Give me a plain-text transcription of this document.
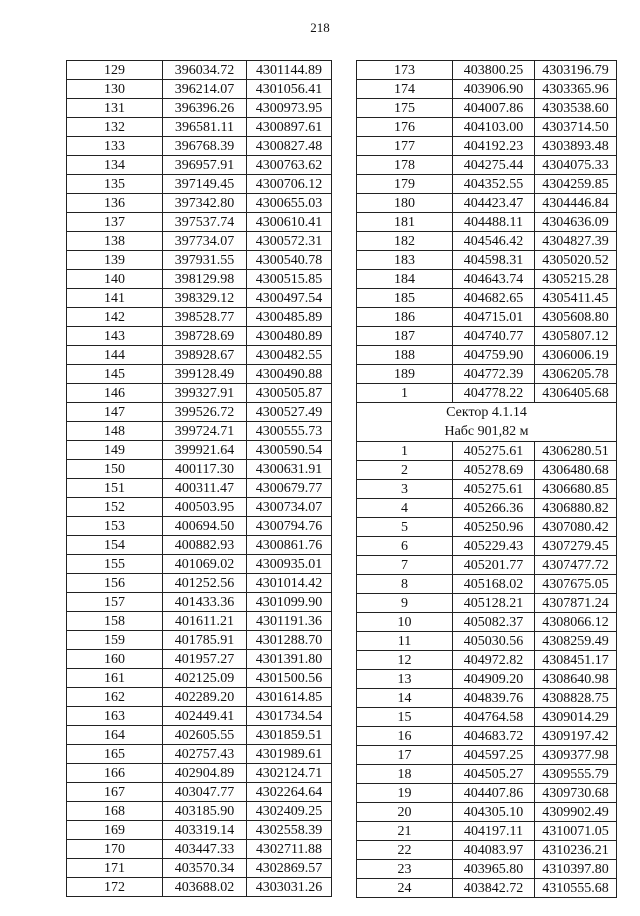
218
129	396034.72	4301144.89
130	396214.07	4301056.41
131	396396.26	4300973.95
132	396581.11	4300897.61
133	396768.39	4300827.48
134	396957.91	4300763.62
135	397149.45	4300706.12
136	397342.80	4300655.03
137	397537.74	4300610.41
138	397734.07	4300572.31
139	397931.55	4300540.78
140	398129.98	4300515.85
141	398329.12	4300497.54
142	398528.77	4300485.89
143	398728.69	4300480.89
144	398928.67	4300482.55
145	399128.49	4300490.88
146	399327.91	4300505.87
147	399526.72	4300527.49
148	399724.71	4300555.73
149	399921.64	4300590.54
150	400117.30	4300631.91
151	400311.47	4300679.77
152	400503.95	4300734.07
153	400694.50	4300794.76
154	400882.93	4300861.76
155	401069.02	4300935.01
156	401252.56	4301014.42
157	401433.36	4301099.90
158	401611.21	4301191.36
159	401785.91	4301288.70
160	401957.27	4301391.80
161	402125.09	4301500.56
162	402289.20	4301614.85
163	402449.41	4301734.54
164	402605.55	4301859.51
165	402757.43	4301989.61
166	402904.89	4302124.71
167	403047.77	4302264.64
168	403185.90	4302409.25
169	403319.14	4302558.39
170	403447.33	4302711.88
171	403570.34	4302869.57
172	403688.02	4303031.26
173	403800.25	4303196.79
174	403906.90	4303365.96
175	404007.86	4303538.60
176	404103.00	4303714.50
177	404192.23	4303893.48
178	404275.44	4304075.33
179	404352.55	4304259.85
180	404423.47	4304446.84
181	404488.11	4304636.09
182	404546.42	4304827.39
183	404598.31	4305020.52
184	404643.74	4305215.28
185	404682.65	4305411.45
186	404715.01	4305608.80
187	404740.77	4305807.12
188	404759.90	4306006.19
189	404772.39	4306205.78
1	404778.22	4306405.68
Сектор 4.1.14
Набс 901,82 м		
1	405275.61	4306280.51
2	405278.69	4306480.68
3	405275.61	4306680.85
4	405266.36	4306880.82
5	405250.96	4307080.42
6	405229.43	4307279.45
7	405201.77	4307477.72
8	405168.02	4307675.05
9	405128.21	4307871.24
10	405082.37	4308066.12
11	405030.56	4308259.49
12	404972.82	4308451.17
13	404909.20	4308640.98
14	404839.76	4308828.75
15	404764.58	4309014.29
16	404683.72	4309197.42
17	404597.25	4309377.98
18	404505.27	4309555.79
19	404407.86	4309730.68
20	404305.10	4309902.49
21	404197.11	4310071.05
22	404083.97	4310236.21
23	403965.80	4310397.80
24	403842.72	4310555.68
